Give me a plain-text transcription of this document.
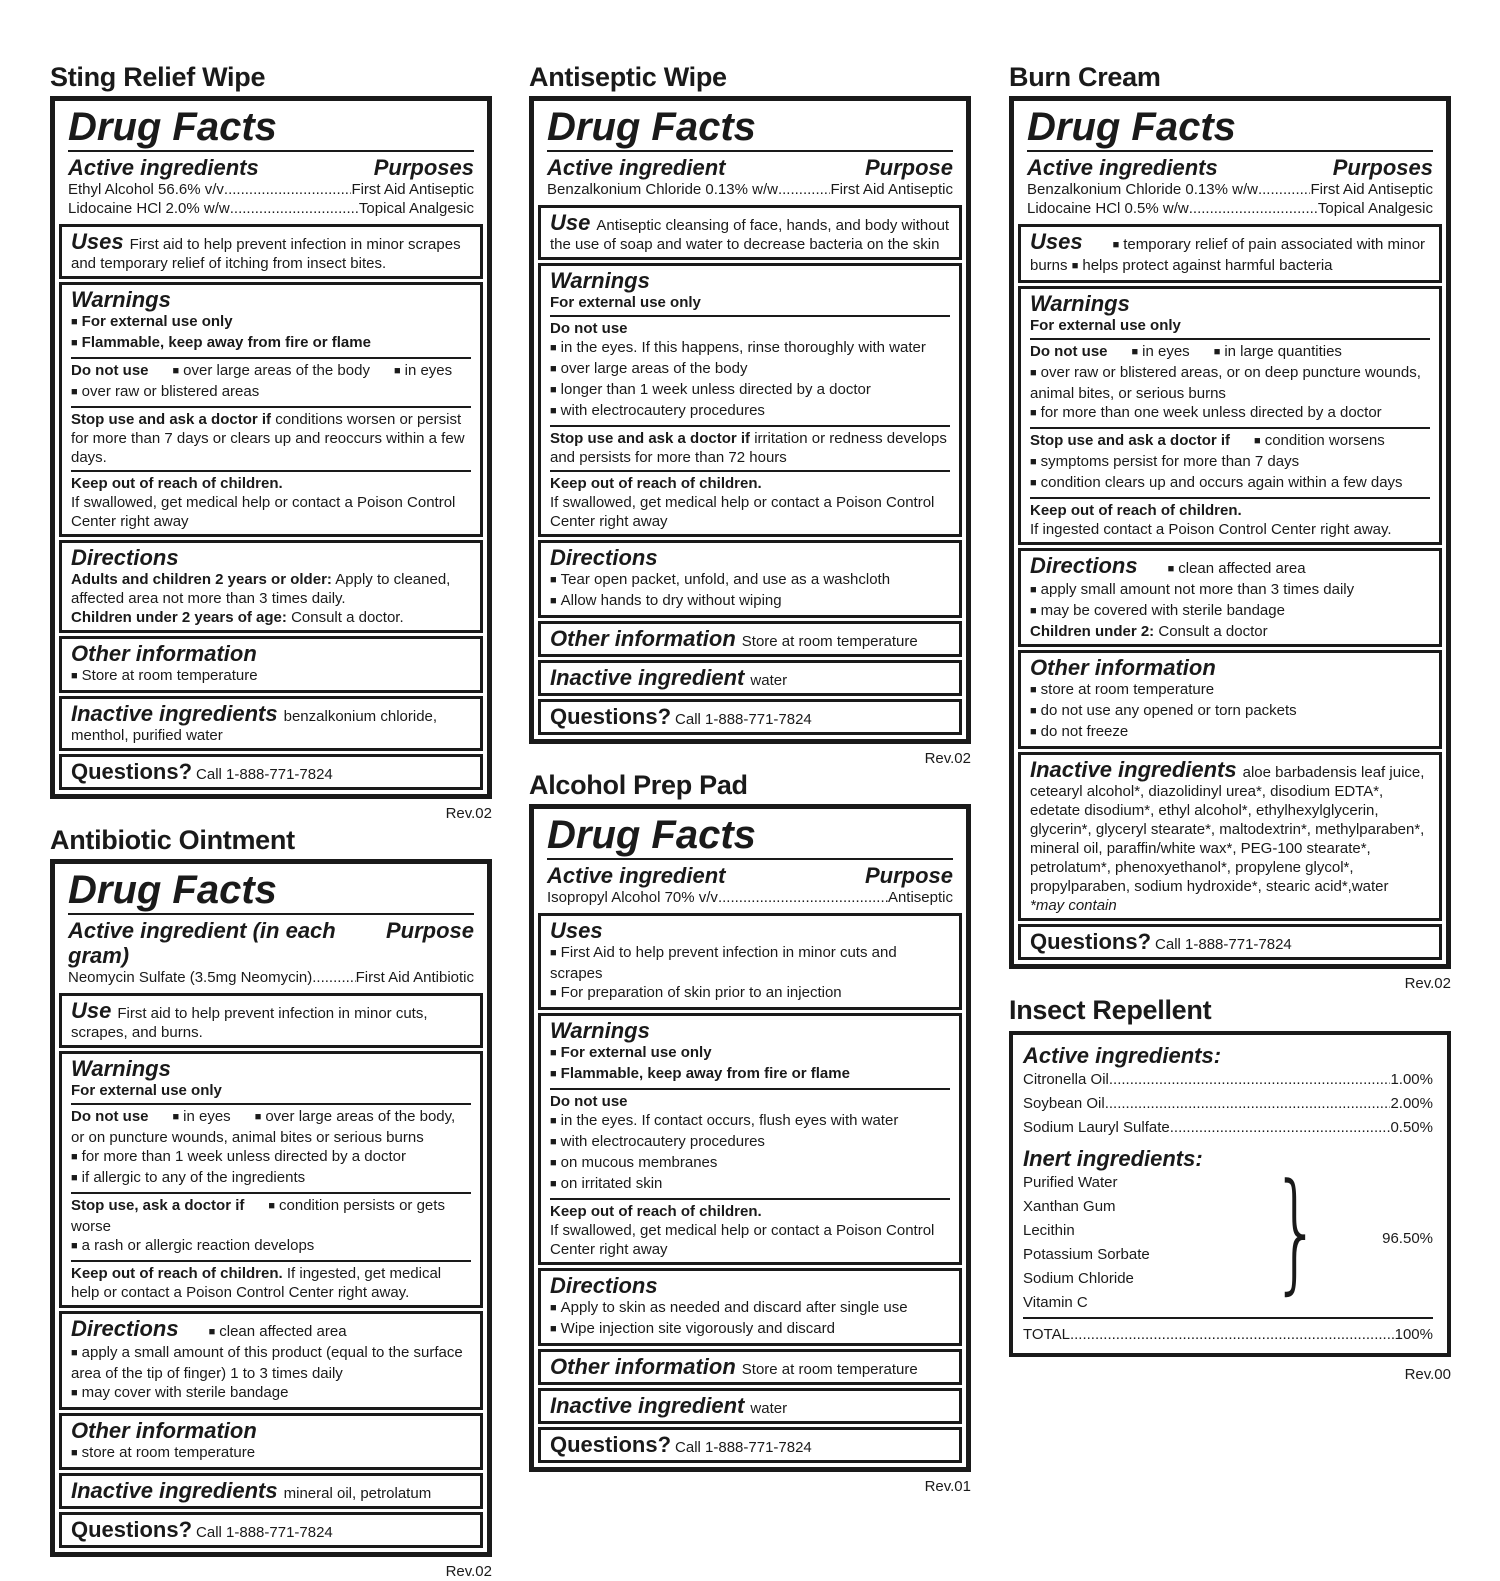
Sting Relief Wipe
Drug Facts
Active ingredients	Purposes
Ethyl Alcohol 56.6% v/v .....	First Aid Antiseptic
Lidocaine HCl 2.0% w/w .....	Topical Analgesic
Uses First aid to help prevent infection in minor scrapes and temporary relief of itching from insect bites.
Warnings
■ For external use only
■ Flammable, keep away from fire or flame
Do not use ■ over large areas of the body ■ in eyes
■ over raw or blistered areas
Stop use and ask a doctor if conditions worsen or persist for more than 7 days or clears up and reoccurs within a few days.
Keep out of reach of children.
If swallowed, get medical help or contact a Poison Control Center right away
Directions
Adults and children 2 years or older: Apply to cleaned, affected area not more than 3 times daily.
Children under 2 years of age: Consult a doctor.
Other information
■ Store at room temperature
Inactive ingredients benzalkonium chloride, menthol, purified water
Questions? Call 1-888-771-7824
Rev.02
Antibiotic Ointment
Drug Facts
Active ingredient (in each gram)
Purpose
Neomycin Sulfate (3.5mg Neomycin) .....	First Aid Antibiotic
Use First aid to help prevent infection in minor cuts, scrapes, and burns.
Warnings
For external use only
Do not use ■ in eyes ■ over large areas of the body, or on puncture wounds, animal bites or serious burns
■ for more than 1 week unless directed by a doctor
■ if allergic to any of the ingredients
Stop use, ask a doctor if ■ condition persists or gets worse
■ a rash or allergic reaction develops
Keep out of reach of children. If ingested, get medical help or contact a Poison Control Center right away.
Directions	■ clean affected area
■ apply a small amount of this product (equal to the surface area of the tip of finger) 1 to 3 times daily
■ may cover with sterile bandage
Other information
■ store at room temperature
Inactive ingredients mineral oil, petrolatum
Questions? Call 1-888-771-7824
Rev.02
Antiseptic Wipe
Drug Facts
Active ingredient	Purpose
Benzalkonium Chloride 0.13% w/w .....	First Aid Antiseptic
Use Antiseptic cleansing of face, hands, and body without the use of soap and water to decrease bacteria on the skin
Warnings
For external use only
Do not use
■ in the eyes. If this happens, rinse thoroughly with water
■ over large areas of the body
■ longer than 1 week unless directed by a doctor
■ with electrocautery procedures
Stop use and ask a doctor if irritation or redness develops and persists for more than 72 hours
Keep out of reach of children.
If swallowed, get medical help or contact a Poison Control Center right away
Directions
■ Tear open packet, unfold, and use as a washcloth
■ Allow hands to dry without wiping
Other information Store at room temperature
Inactive ingredient water
Questions? Call 1-888-771-7824
Rev.02
Alcohol Prep Pad
Drug Facts
Active ingredient	Purpose
Isopropyl Alcohol 70% v/v .....	Antiseptic
Uses
■ First Aid to help prevent infection in minor cuts and scrapes
■ For preparation of skin prior to an injection
Warnings
■ For external use only
■ Flammable, keep away from fire or flame
Do not use
■ in the eyes. If contact occurs, flush eyes with water
■ with electrocautery procedures
■ on mucous membranes
■ on irritated skin
Keep out of reach of children.
If swallowed, get medical help or contact a Poison Control Center right away
Directions
■ Apply to skin as needed and discard after single use
■ Wipe injection site vigorously and discard
Other information Store at room temperature
Inactive ingredient water
Questions? Call 1-888-771-7824
Rev.01
Burn Cream
Drug Facts
Active ingredients	Purposes
Benzalkonium Chloride 0.13% w/w .....	First Aid Antiseptic
Lidocaine HCl 0.5% w/w .....	Topical Analgesic
Uses	■ temporary relief of pain associated with minor burns ■ helps protect against harmful bacteria
Warnings
For external use only
Do not use ■ in eyes ■ in large quantities
■ over raw or blistered areas, or on deep puncture wounds, animal bites, or serious burns
■ for more than one week unless directed by a doctor
Stop use and ask a doctor if ■ condition worsens
■ symptoms persist for more than 7 days
■ condition clears up and occurs again within a few days
Keep out of reach of children.
If ingested contact a Poison Control Center right away.
Directions	■ clean affected area
■ apply small amount not more than 3 times daily
■ may be covered with sterile bandage
Children under 2: Consult a doctor
Other information
■ store at room temperature
■ do not use any opened or torn packets
■ do not freeze
Inactive ingredients aloe barbadensis leaf juice, cetearyl alcohol*, diazolidinyl urea*, disodium EDTA*, edetate disodium*, ethyl alcohol*, ethylhexylglycerin, glycerin*, glyceryl stearate*, maltodextrin*, methylparaben*, mineral oil, paraffin/white wax*, PEG-100 stearate*, petrolatum*, phenoxyethanol*, propylene glycol*, propylparaben, sodium hydroxide*, stearic acid*,water
*may contain
Questions? Call 1-888-771-7824
Rev.02
Insect Repellent
Active ingredients:
Citronella Oil .....	1.00%
Soybean Oil .....	2.00%
Sodium Lauryl Sulfate .....	0.50%
Inert ingredients:
Purified Water
Xanthan Gum
Lecithin
Potassium Sorbate
Sodium Chloride
Vitamin C	}	96.50%
TOTAL .....	100%
Rev.00
